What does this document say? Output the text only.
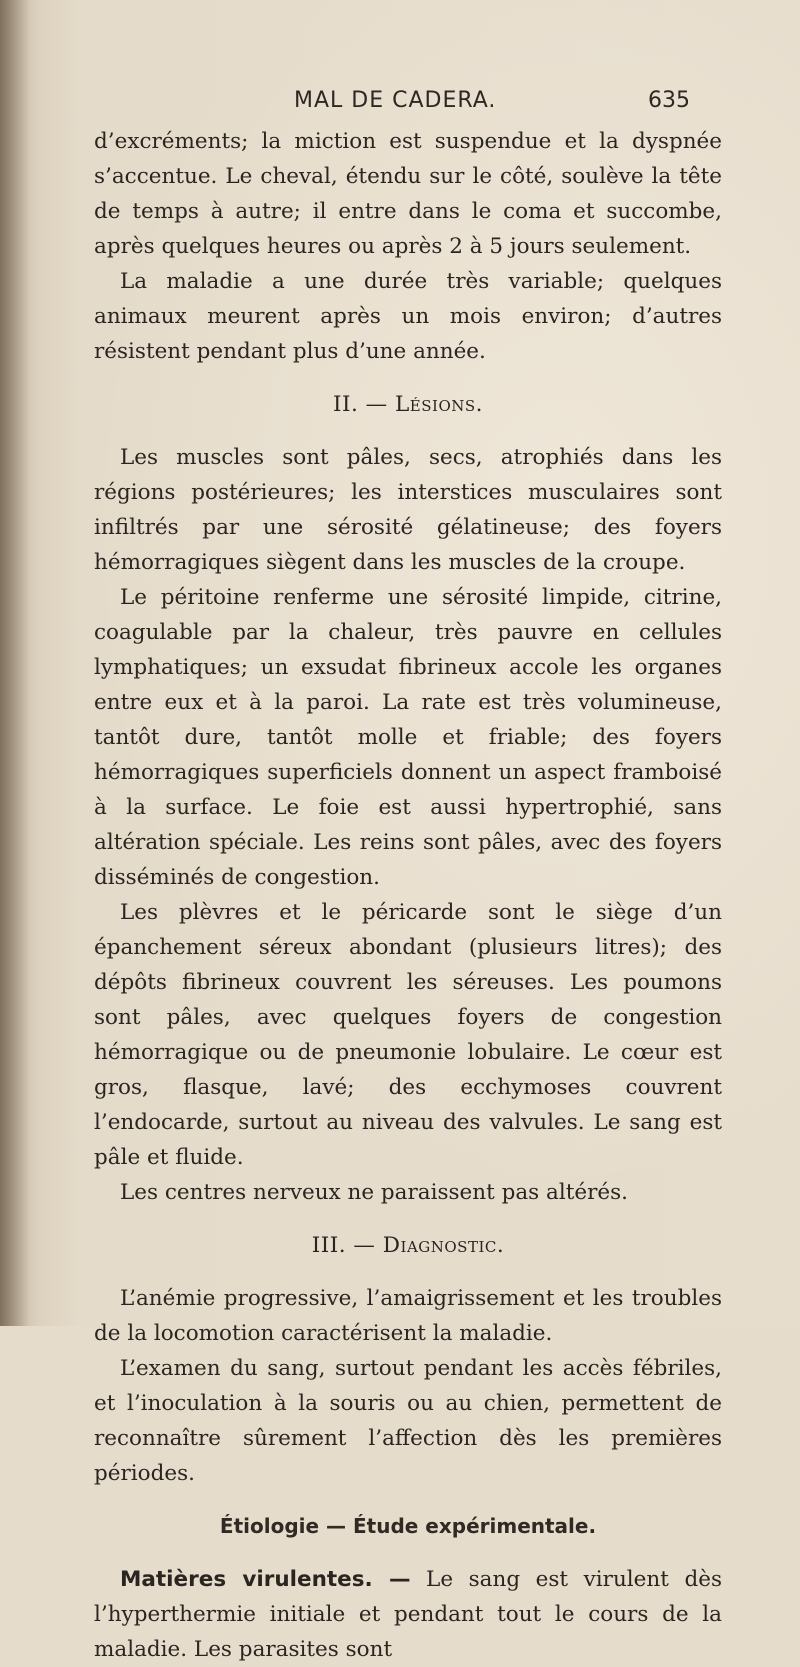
MAL DE CADERA.	635

d’excréments; la miction est suspendue et la dyspnée s’accentue. Le cheval, étendu sur le côté, soulève la tête de temps à autre; il entre dans le coma et succombe, après quelques heures ou après 2 à 5 jours seulement.

La maladie a une durée très variable; quelques animaux meurent après un mois environ; d’autres résistent pendant plus d’une année.

II. — Lésions.

Les muscles sont pâles, secs, atrophiés dans les régions postérieures; les interstices musculaires sont infiltrés par une sérosité gélatineuse; des foyers hémorragiques siègent dans les muscles de la croupe.

Le péritoine renferme une sérosité limpide, citrine, coagulable par la chaleur, très pauvre en cellules lymphatiques; un exsudat fibrineux accole les organes entre eux et à la paroi. La rate est très volumineuse, tantôt dure, tantôt molle et friable; des foyers hémorragiques superficiels donnent un aspect framboisé à la surface. Le foie est aussi hypertrophié, sans altération spéciale. Les reins sont pâles, avec des foyers disséminés de congestion.

Les plèvres et le péricarde sont le siège d’un épanchement séreux abondant (plusieurs litres); des dépôts fibrineux couvrent les séreuses. Les poumons sont pâles, avec quelques foyers de congestion hémorragique ou de pneumonie lobulaire. Le cœur est gros, flasque, lavé; des ecchymoses couvrent l’endocarde, surtout au niveau des valvules. Le sang est pâle et fluide.

Les centres nerveux ne paraissent pas altérés.

III. — Diagnostic.

L’anémie progressive, l’amaigrissement et les troubles de la locomotion caractérisent la maladie.

L’examen du sang, surtout pendant les accès fébriles, et l’inoculation à la souris ou au chien, permettent de reconnaître sûrement l’affection dès les premières périodes.

Étiologie — Étude expérimentale.

Matières virulentes. — Le sang est virulent dès l’hyperthermie initiale et pendant tout le cours de la maladie. Les parasites sont
